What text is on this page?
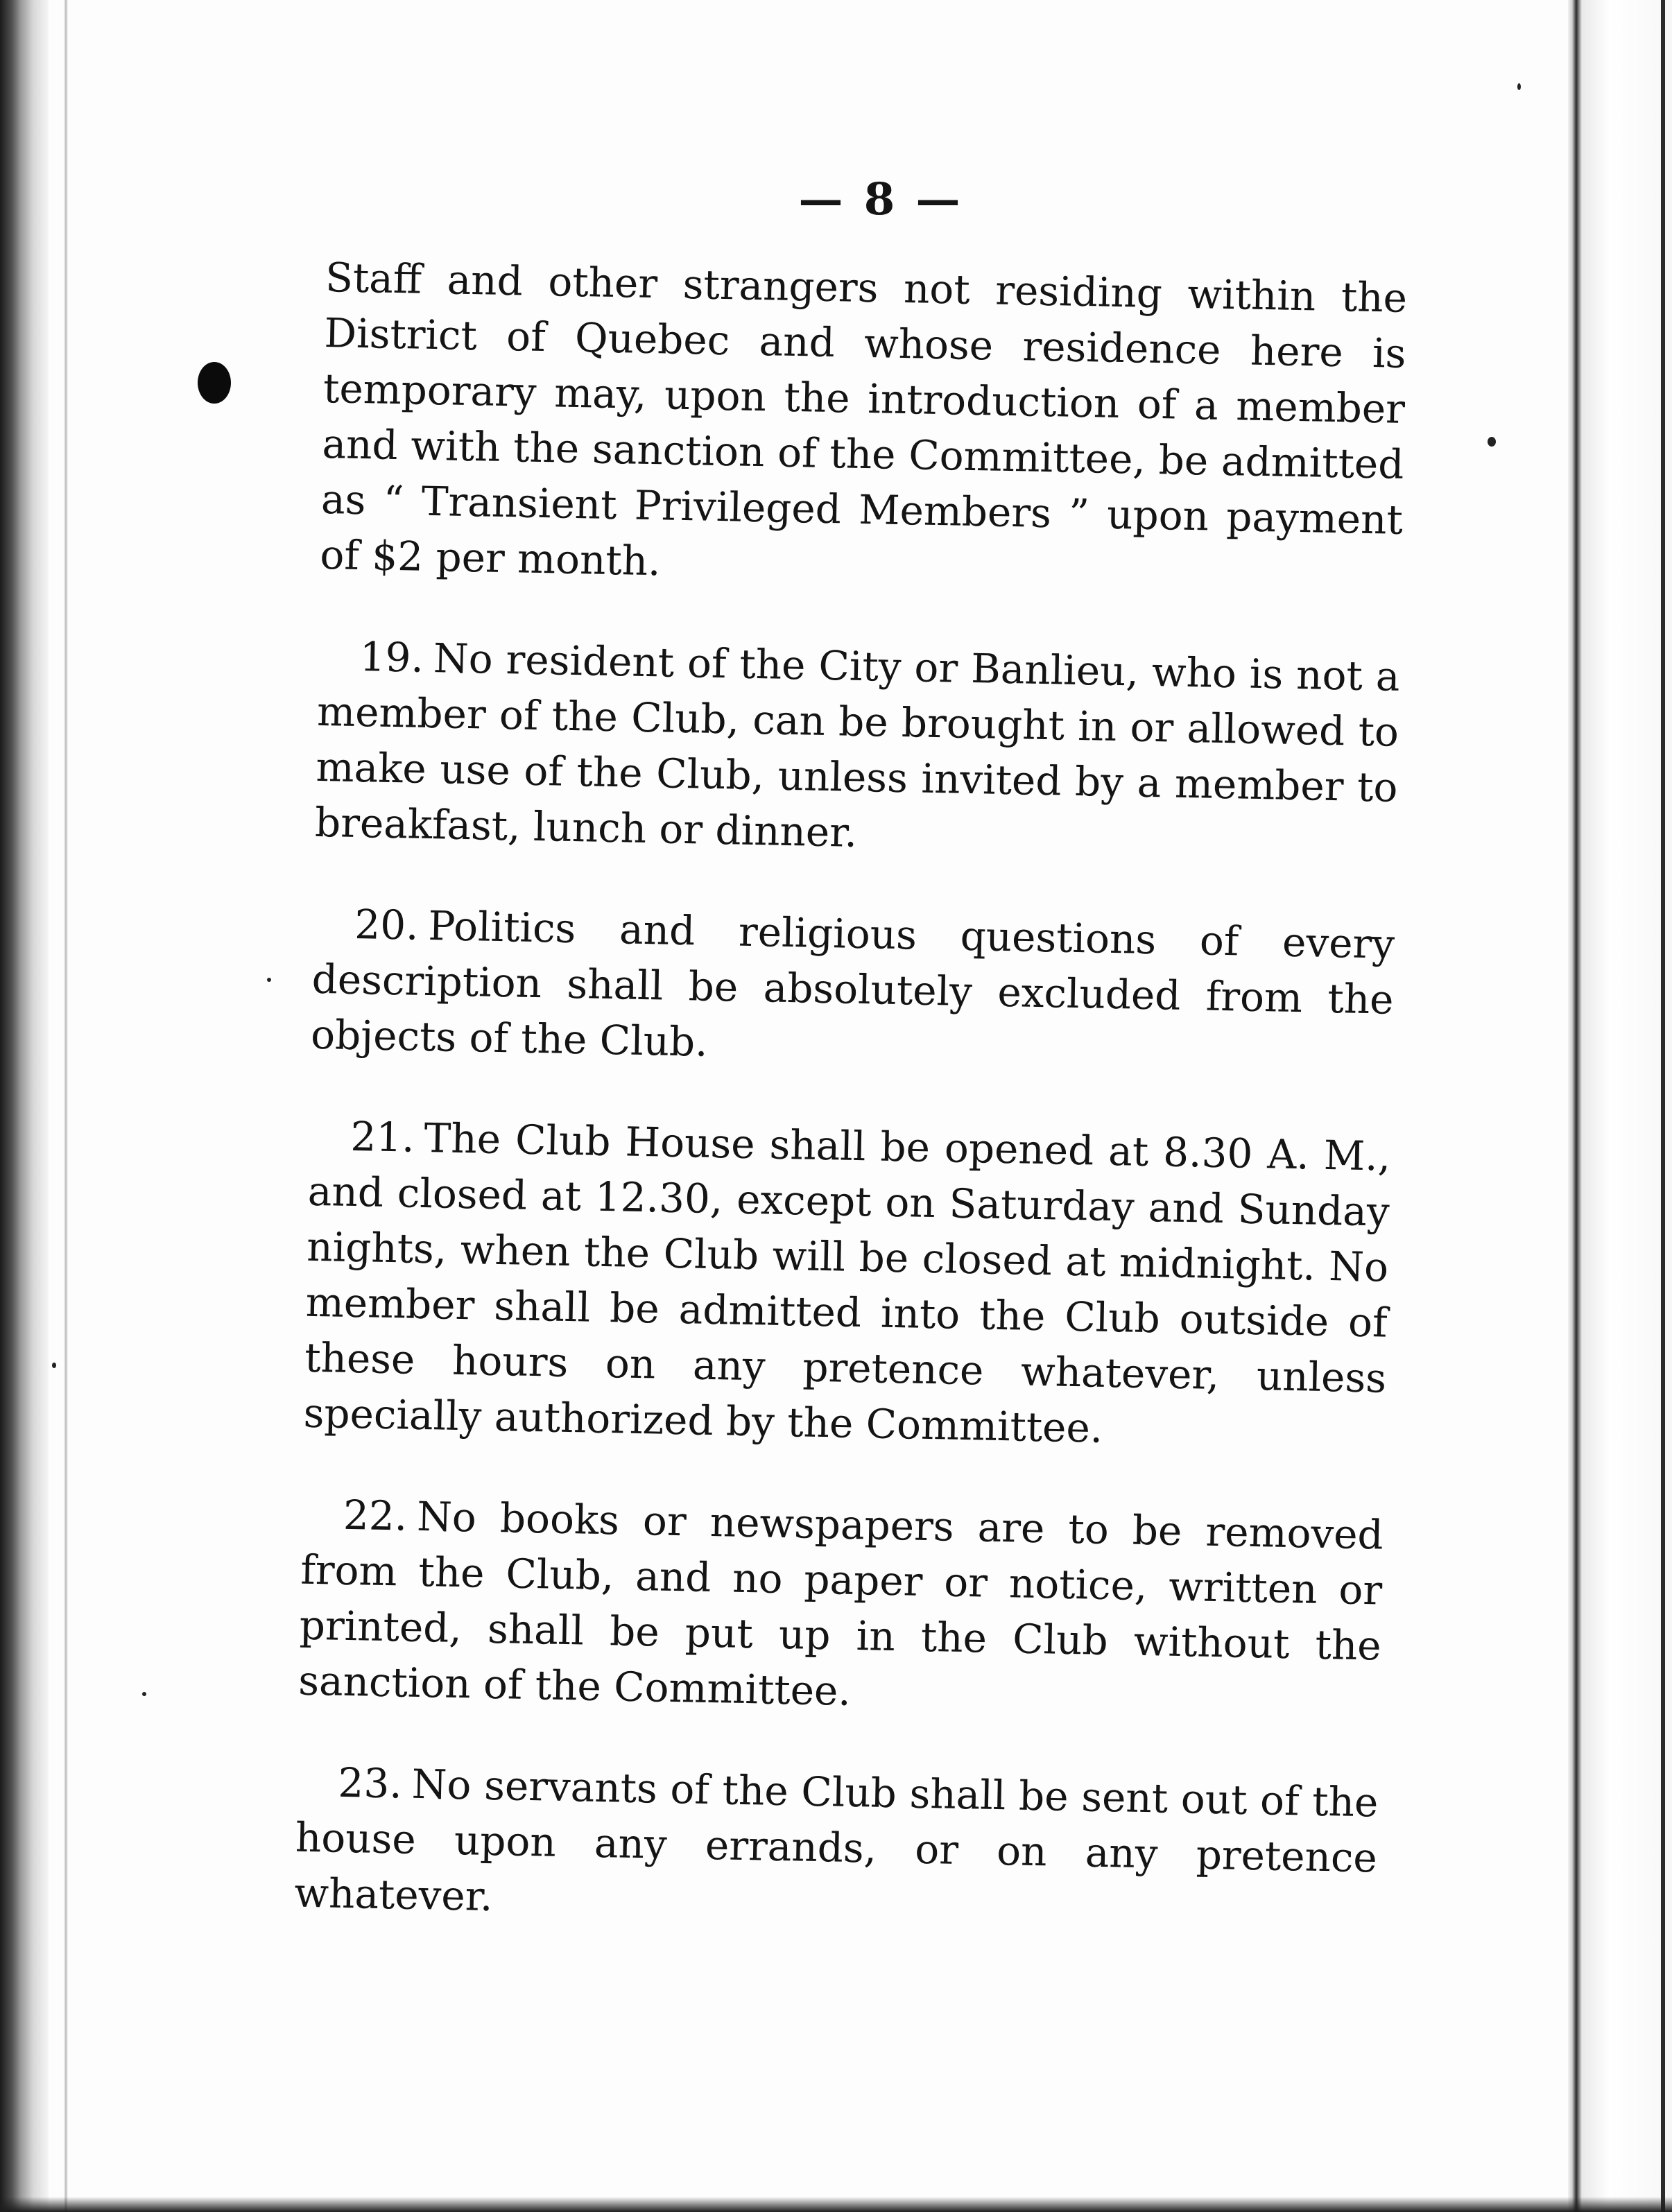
— 8 —

Staff and other strangers not residing within the District of Quebec and whose residence here is temporary may, upon the introduction of a member and with the sanction of the Committee, be admitted as “ Transient Privileged Members ” upon payment of $2 per month.

19. No resident of the City or Banlieu, who is not a member of the Club, can be brought in or allowed to make use of the Club, unless invited by a member to breakfast, lunch or dinner.

20. Politics and religious questions of every description shall be absolutely excluded from the objects of the Club.

21. The Club House shall be opened at 8.30 A. M., and closed at 12.30, except on Saturday and Sunday nights, when the Club will be closed at midnight. No member shall be admitted into the Club outside of these hours on any pretence whatever, unless specially authorized by the Committee.

22. No books or newspapers are to be removed from the Club, and no paper or notice, written or printed, shall be put up in the Club without the sanction of the Committee.

23. No servants of the Club shall be sent out of the house upon any errands, or on any pretence whatever.
